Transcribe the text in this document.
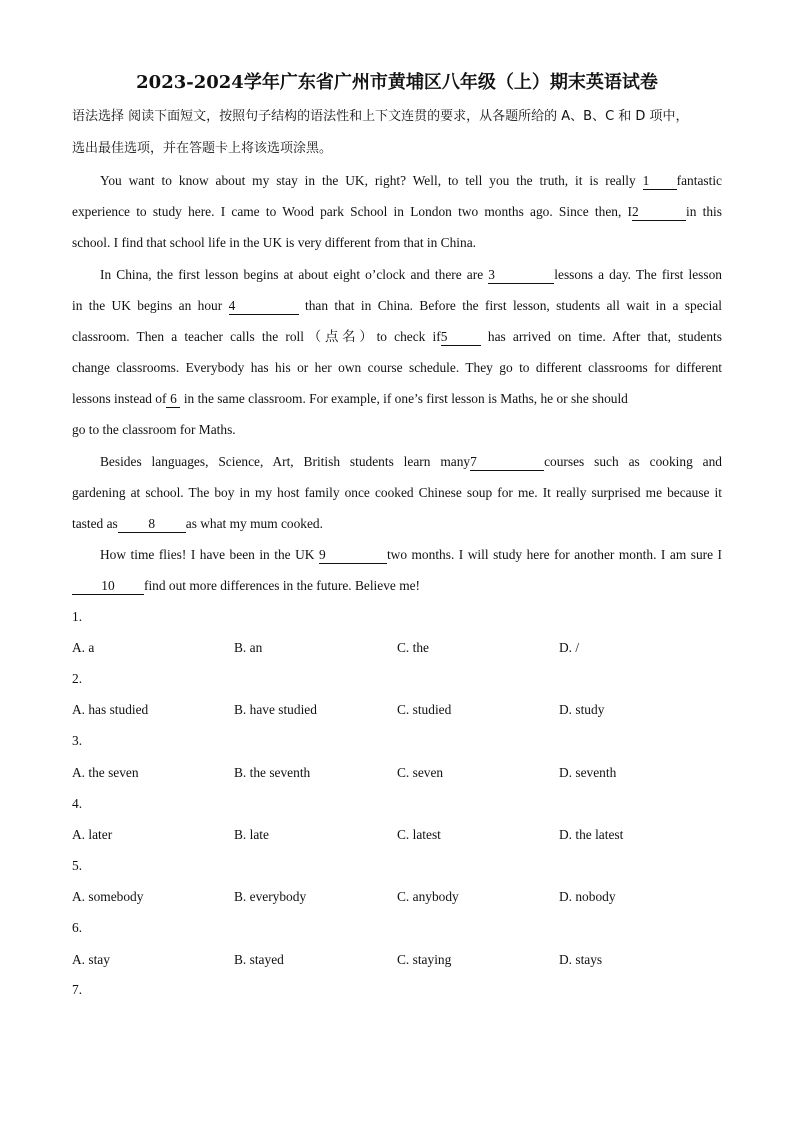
2023-2024学年广东省广州市黄埔区八年级（上）期末英语试卷
语法选择 阅读下面短文，按照句子结构的语法性和上下文连贯的要求，从各题所给的 A、B、C 和 D 项中，
选出最佳选项，并在答题卡上将该选项涂黑。
You want to know about my stay in the UK, right? Well, to tell you the truth, it is really 1 fantastic
experience to study here. I came to Wood park School in London two months ago. Since then, I2	in this
school. I find that school life in the UK is very different from that in China.
In China, the first lesson begins at about eight o’clock and there are 3	lessons a day. The first lesson
in the UK begins an hour 4	than that in China. Before the first lesson, students all wait in a special
classroom. Then a teacher calls the roll（点名）to check if5	has arrived on time. After that, students
change classrooms. Everybody has his or her own course schedule. They go to different classrooms for different
lessons instead of 6 in the same classroom. For example, if one’s first lesson is Maths, he or she should
go to the classroom for Maths.
Besides languages, Science, Art, British students learn many7	courses such as cooking and
gardening at school. The boy in my host family once cooked Chinese soup for me. It really surprised me because it
tasted as 8 as what my mum cooked.
How time flies! I have been in the UK 9	two months. I will study here for another month. I am sure I
10 find out more differences in the future. Believe me!
1.
A. a	B. an	C. the	D. /
2.
A. has studied	B. have studied	C. studied	D. study
3.
A. the seven	B. the seventh	C. seven	D. seventh
4.
A. later	B. late	C. latest	D. the latest
5.
A. somebody	B. everybody	C. anybody	D. nobody
6.
A. stay	B. stayed	C. staying	D. stays
7.
